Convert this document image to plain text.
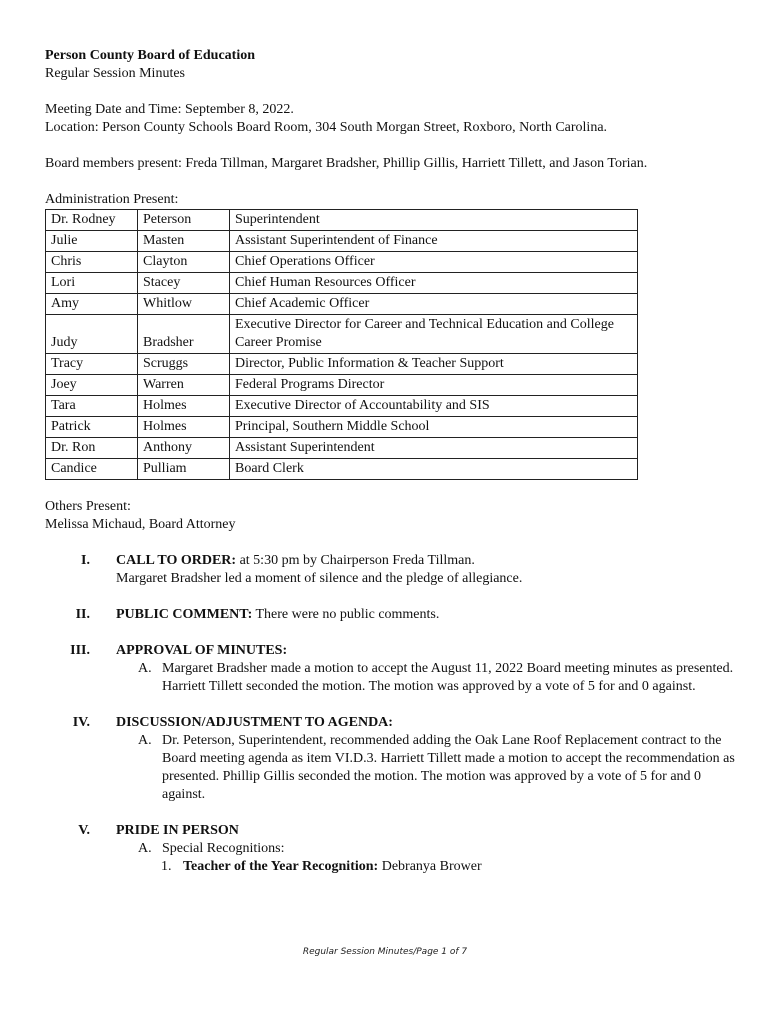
Person County Board of Education

Regular Session Minutes

Meeting Date and Time: September 8, 2022.

Location: Person County Schools Board Room, 304 South Morgan Street, Roxboro, North Carolina.

Board members present: Freda Tillman, Margaret Bradsher, Phillip Gillis, Harriett Tillett, and Jason Torian.

Administration Present:

Dr. Rodney	Peterson	Superintendent
Julie	Masten	Assistant Superintendent of Finance
Chris	Clayton	Chief Operations Officer
Lori	Stacey	Chief Human Resources Officer
Amy	Whitlow	Chief Academic Officer
Judy	Bradsher	Executive Director for Career and Technical Education and College Career Promise
Tracy	Scruggs	Director, Public Information & Teacher Support
Joey	Warren	Federal Programs Director
Tara	Holmes	Executive Director of Accountability and SIS
Patrick	Holmes	Principal, Southern Middle School
Dr. Ron	Anthony	Assistant Superintendent
Candice	Pulliam	Board Clerk

Others Present:

Melissa Michaud, Board Attorney

I. CALL TO ORDER: at 5:30 pm by Chairperson Freda Tillman.

Margaret Bradsher led a moment of silence and the pledge of allegiance.

II. PUBLIC COMMENT: There were no public comments.

III. APPROVAL OF MINUTES:

A. Margaret Bradsher made a motion to accept the August 11, 2022 Board meeting minutes as presented. Harriett Tillett seconded the motion. The motion was approved by a vote of 5 for and 0 against.
IV. DISCUSSION/ADJUSTMENT TO AGENDA:

A. Dr. Peterson, Superintendent, recommended adding the Oak Lane Roof Replacement contract to the Board meeting agenda as item VI.D.3. Harriett Tillett made a motion to accept the recommendation as presented. Phillip Gillis seconded the motion. The motion was approved by a vote of 5 for and 0 against.
V. PRIDE IN PERSON

A. Special Recognitions:
1. Teacher of the Year Recognition: Debranya Brower
Regular Session Minutes/Page 1 of 7
